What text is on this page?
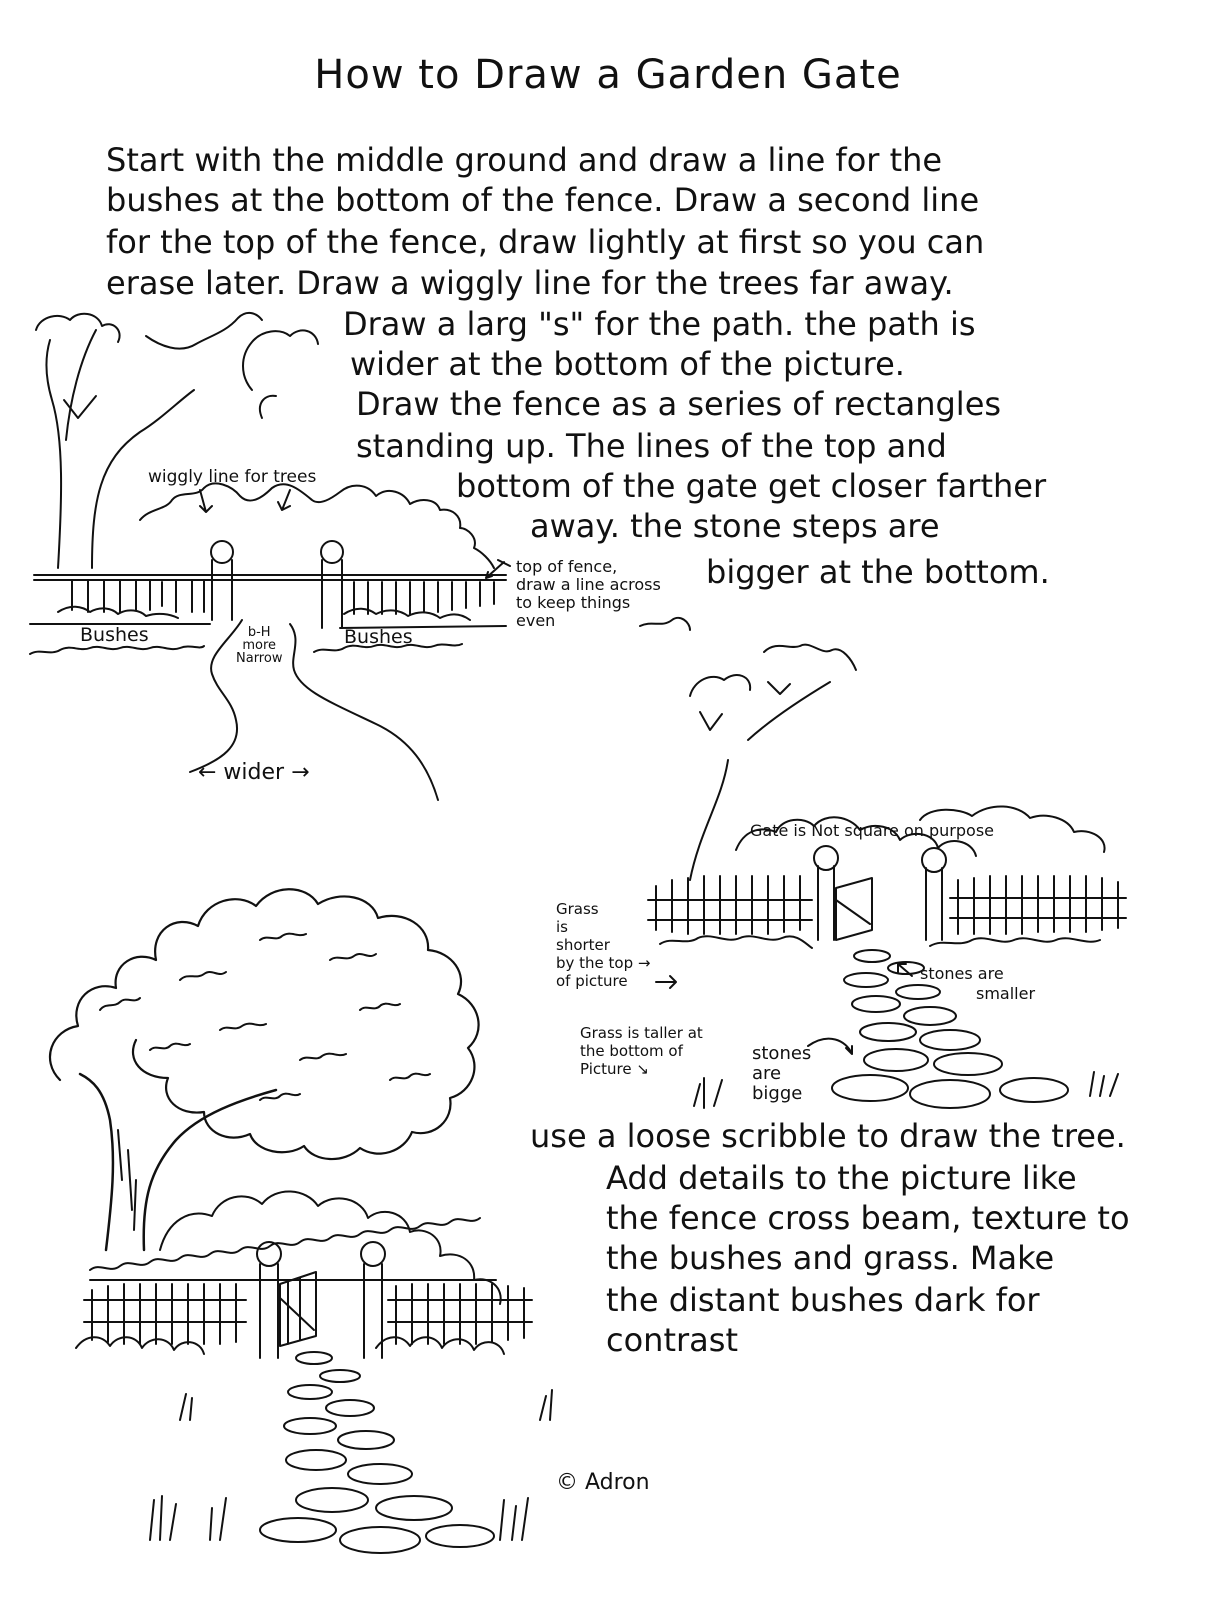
How to Draw a Garden Gate
Start with the middle ground and draw a line for the
bushes at the bottom of the fence. Draw a second line
for the top of the fence, draw lightly at first so you can
erase later. Draw a wiggly line for the trees far away.
Draw a larg "s" for the path. the path is
wider at the bottom of the picture.
Draw the fence as a series of rectangles
standing up. The lines of the top and
bottom of the gate get closer farther
away. the stone steps are
bigger at the bottom.
wiggly line for trees
top of fence,
draw a line across
to keep things
even
Bushes	Bushes
b-H
more
Narrow
← wider →
Gate is Not square on purpose
Grass
is
shorter
by the top →
of picture	stones are
smaller
Grass is taller at
the bottom of
Picture ↘
stones
are
bigge
© Adron
use a loose scribble to draw the tree.
Add details to the picture like
the fence cross beam, texture to
the bushes and grass. Make
the distant bushes dark for
contrast
